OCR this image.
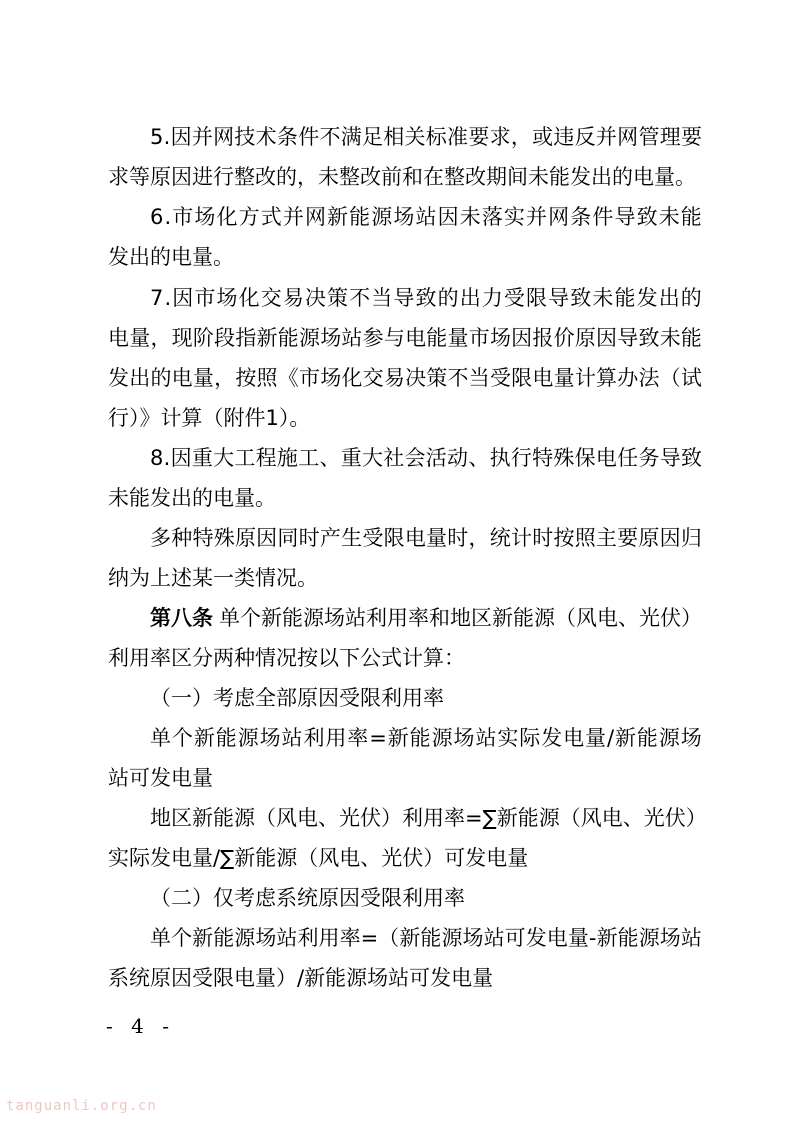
5 . 因 并 网 技 术 条 件 不 满 足 相 关 标 准 要 求 ， 或 违 反 并 网 管 理 要
求等原因进行整改的，未整改前和在整改期间未能发出的电量。
6 . 市 场 化 方 式 并 网 新 能 源 场 站 因 未 落 实 并 网 条 件 导 致 未 能
发出的电量。
7 . 因 市 场 化 交 易 决 策 不 当 导 致 的 出 力 受 限 导 致 未 能 发 出 的
电 量 ， 现 阶 段 指 新 能 源 场 站 参 与 电 能 量 市 场 因 报 价 原 因 导 致 未 能
发 出 的 电 量 ， 按 照 《 市 场 化 交 易 决 策 不 当 受 限 电 量 计 算 办 法 （ 试
行）》计算（附件1）。
8 . 因 重 大 工 程 施 工 、 重 大 社 会 活 动 、 执 行 特 殊 保 电 任 务 导 致
未能发出的电量。
多 种 特 殊 原 因 同 时 产 生 受 限 电 量 时 ， 统 计 时 按 照 主 要 原 因 归
纳为上述某一类情况。
第八条 单个新能源场站利用率和地区新能源（风电、光伏）
利用率区分两种情况按以下公式计算：
（一）考虑全部原因受限利用率
单 个 新 能 源 场 站 利 用 率 = 新 能 源 场 站 实 际 发 电 量 / 新 能 源 场
站可发电量
地 区 新 能 源 （ 风 电 、 光 伏 ） 利 用 率 = ∑ 新 能 源 （ 风 电 、 光 伏 ）
实际发电量/∑新能源（风电、光伏）可发电量
（二）仅考虑系统原因受限利用率
单 个 新 能 源 场 站 利 用 率 = （ 新 能 源 场 站 可 发 电 量 - 新 能 源 场 站
系统原因受限电量）/新能源场站可发电量
- 4 -
tanguanli.org.cn
